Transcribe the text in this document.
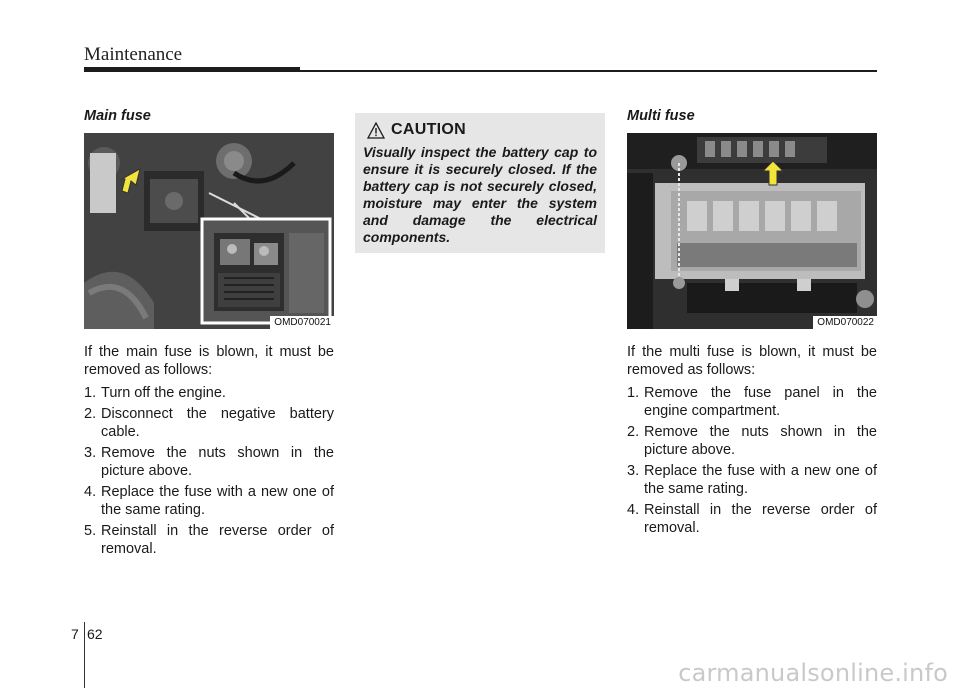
Maintenance
Main fuse
OMD070021

If the main fuse is blown, it must be removed as follows:

1. Turn off the engine.
2. Disconnect the negative battery cable.
3. Remove the nuts shown in the picture above.
4. Replace the fuse with a new one of the same rating.
5. Reinstall in the reverse order of removal.
CAUTION

Visually inspect the battery cap to ensure it is securely closed. If the battery cap is not securely closed, moisture may enter the system and damage the electrical components.

Multi fuse
OMD070022

If the multi fuse is blown, it must be removed as follows:

1. Remove the fuse panel in the engine compartment.
2. Remove the nuts shown in the picture above.
3. Replace the fuse with a new one of the same rating.
4. Reinstall in the reverse order of removal.
7 62
carmanualsonline.info
